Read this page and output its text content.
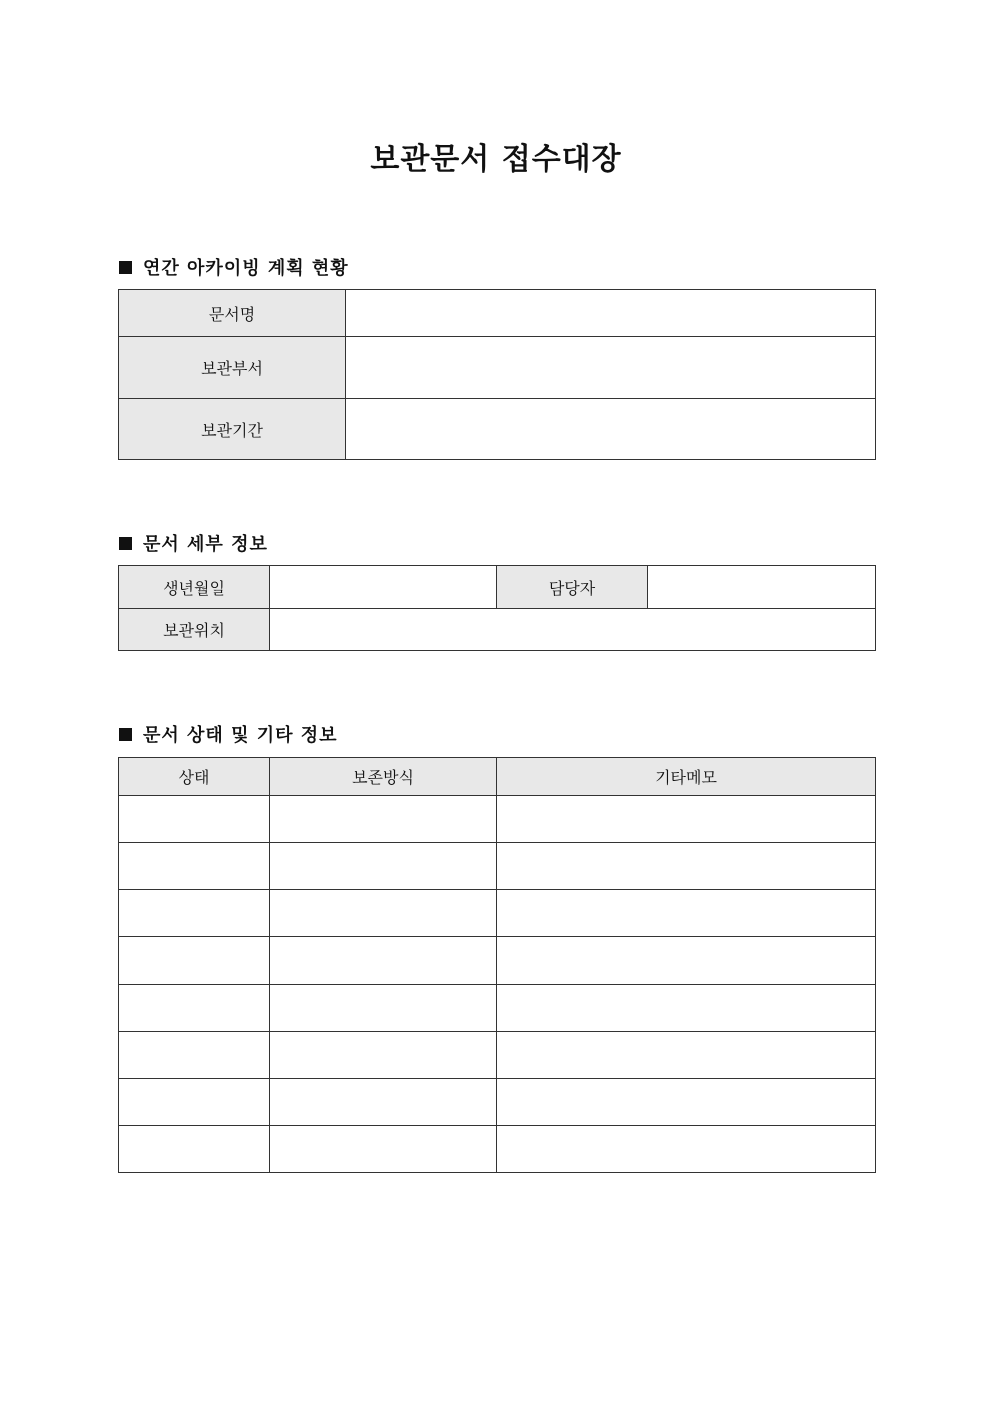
보관문서 접수대장
연간 아카이빙 계획 현황
문서명	
보관부서	
보관기간	
문서 세부 정보
생년월일		담당자	
보관위치			
문서 상태 및 기타 정보
상태	보존방식	기타메모
